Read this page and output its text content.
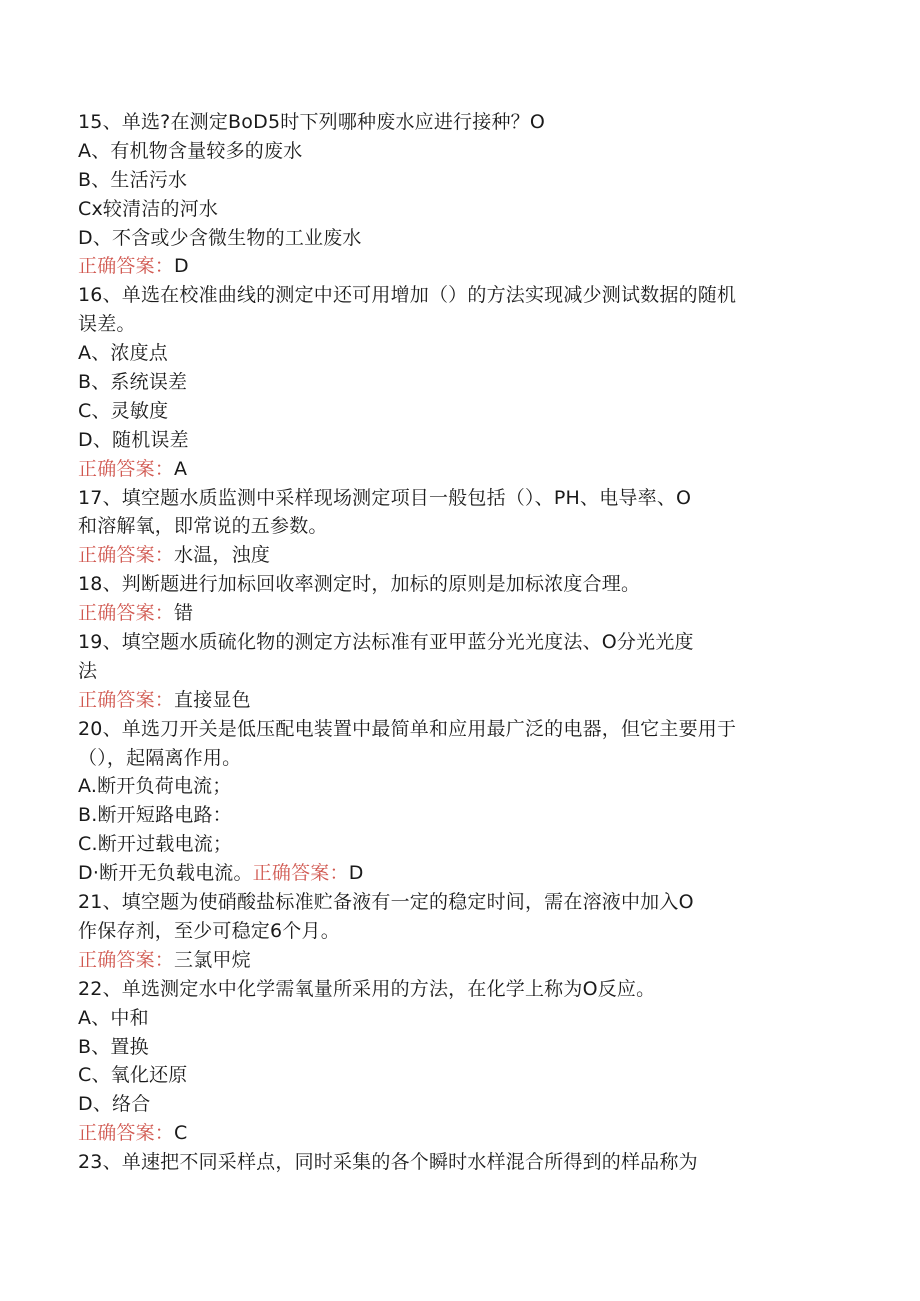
15、单选?在测定BoD5时下列哪种废水应进行接种？O
A、有机物含量较多的废水
B、生活污水
Cx较清洁的河水
D、不含或少含微生物的工业废水
正确答案：D
16、单选在校准曲线的测定中还可用增加（）的方法实现减少测试数据的随机
误差。
A、浓度点
B、系统误差
C、灵敏度
D、随机误差
正确答案：A
17、填空题水质监测中采样现场测定项目一般包括（）、PH、电导率、O
和溶解氧，即常说的五参数。
正确答案：水温，浊度
18、判断题进行加标回收率测定时，加标的原则是加标浓度合理。
正确答案：错
19、填空题水质硫化物的测定方法标准有亚甲蓝分光光度法、O分光光度
法
正确答案：直接显色
20、单选刀开关是低压配电装置中最简单和应用最广泛的电器，但它主要用于
（），起隔离作用。
A.断开负荷电流；
B.断开短路电路：
C.断开过载电流；
D·断开无负载电流。正确答案：D
21、填空题为使硝酸盐标准贮备液有一定的稳定时间，需在溶液中加入O
作保存剂，至少可稳定6个月。
正确答案：三氯甲烷
22、单选测定水中化学需氧量所采用的方法，在化学上称为O反应。
A、中和
B、置换
C、氧化还原
D、络合
正确答案：C
23、单速把不同采样点，同时采集的各个瞬时水样混合所得到的样品称为
